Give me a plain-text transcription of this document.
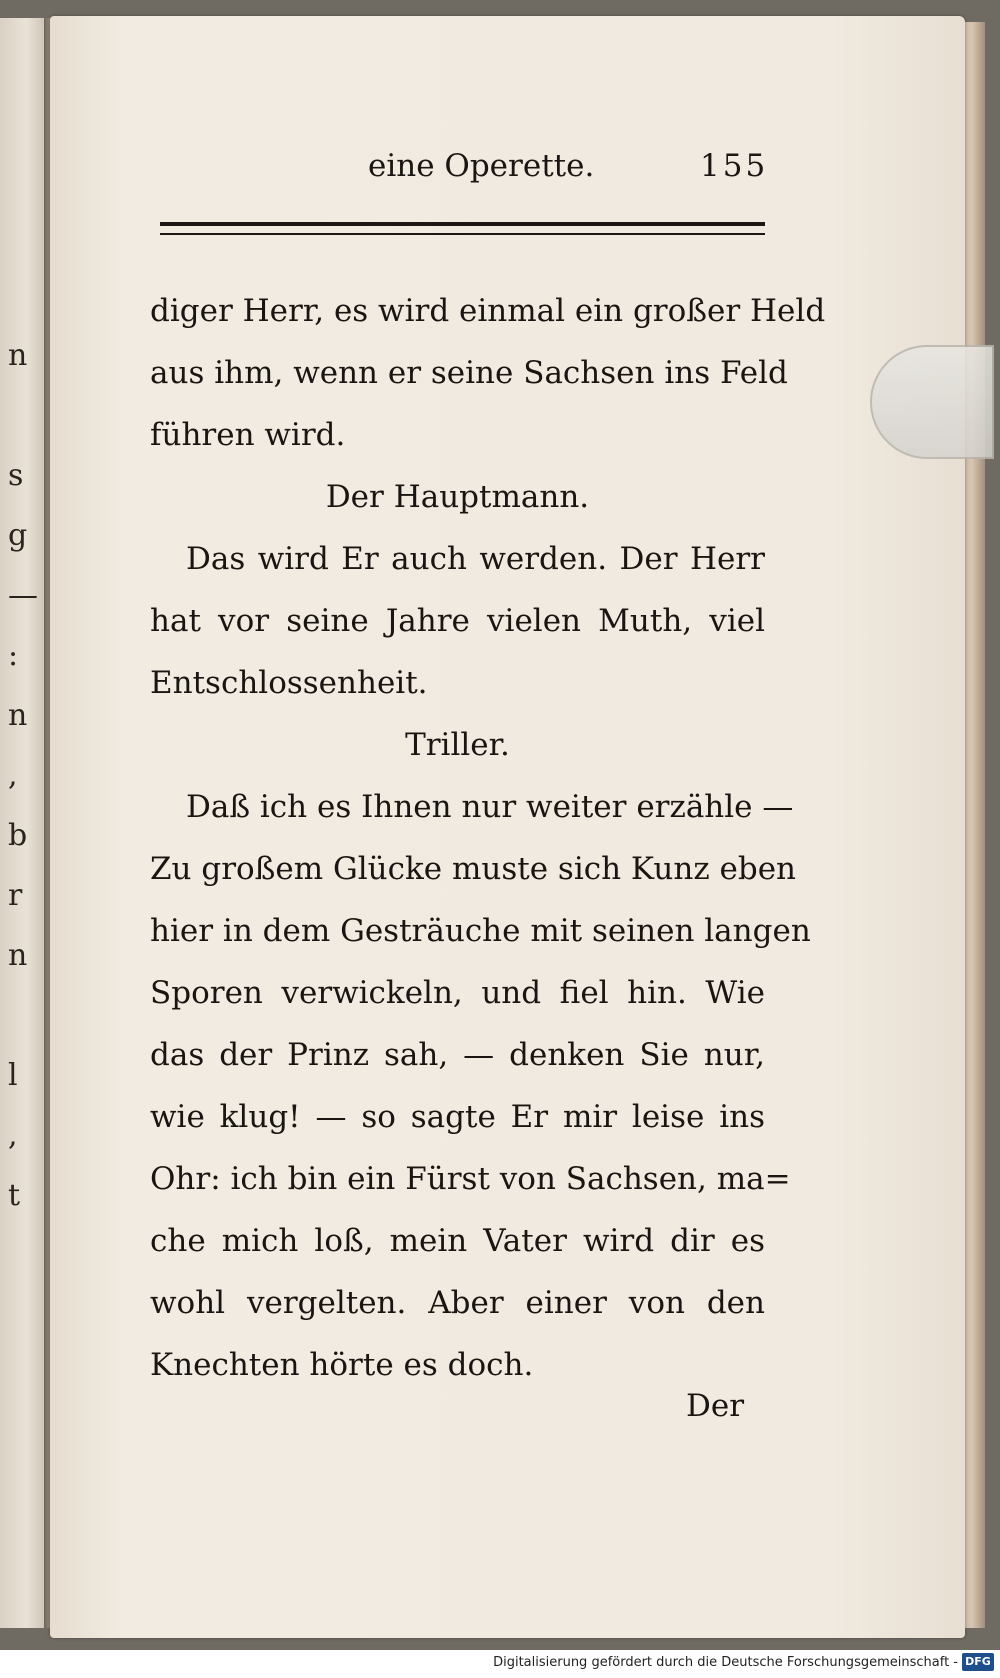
n
s
g
—
:
n
,
b
r
n
l
,
t
eine Operette.	155
diger Herr, es wird einmal ein großer Held
aus ihm, wenn er seine Sachsen ins Feld
führen wird.
Der Hauptmann.
Das wird Er auch werden. Der Herr
hat vor seine Jahre vielen Muth, viel
Entschlossenheit.
Triller.
Daß ich es Ihnen nur weiter erzähle —
Zu großem Glücke muste sich Kunz eben
hier in dem Gesträuche mit seinen langen
Sporen verwickeln, und fiel hin. Wie
das der Prinz sah, — denken Sie nur,
wie klug! — so sagte Er mir leise ins
Ohr: ich bin ein Fürst von Sachsen, ma=
che mich loß, mein Vater wird dir es
wohl vergelten. Aber einer von den
Knechten hörte es doch.
Der
Digitalisierung gefördert durch die Deutsche Forschungsgemeinschaft - DFG
